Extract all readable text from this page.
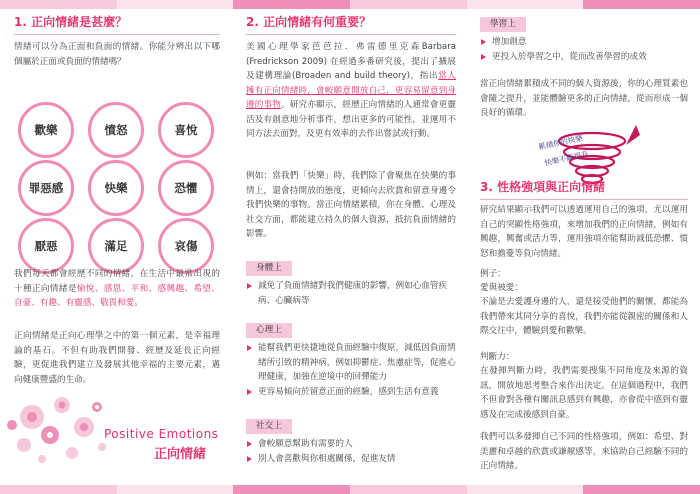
1. 正向情緒是甚麼？

情緒可以分為正面和負面的情緒。你能分辨出以下哪個屬於正面或負面的情緒嗎？

歡樂	憤怒	喜悅
罪惡感	快樂	恐懼
厭惡	滿足	哀傷

我們每天都會經歷不同的情緒，在生活中最常出現的十種正向情緒是愉悅、感恩、平和、感興趣、希望、自豪、有趣、有靈感、敬畏和愛。

正向情緒是正向心理學之中的第一個元素，是幸福理論的基石。不但有助我們開發、經歷及延長正向經驗，更促進我們建立及發展其他幸福的主要元素，邁向健康豐盛的生命。

Positive Emotions
正向情緒
2. 正向情緒有何重要？

美國心理學家芭芭拉．弗雷德里克森Barbara (Fredrickson 2009) 在經過多番研究後，提出了擴展及建構理論(Broaden and build theory)，指出當人擁有正向情緒時，會較願意開放自己，更容易留意到身邊的事物。研究亦顯示，經歷正向情緒的人通常會更靈活及有創意地分析事件，想出更多的可能性，並運用不同方法去面對，及更有效率的去作出嘗試或行動。

例如：當我們「快樂」時，我們除了會聚焦在快樂的事情上，還會持開放的態度，更傾向去欣賞和留意身邊令我們快樂的事物。當正向情緒累積，你在身體、心理及社交方面，都能建立持久的個人資源，抵抗負面情緒的影響。

身體上
減免了負面情緒對我們健康的影響，例如心血管疾病、心臟病等
心理上
能幫我們更快捷地從負面經驗中復原，減低因負面情緒所引致的精神病，例如抑鬱症、焦慮症等，促進心理健康，加強在逆境中的回彈能力
更容易傾向於留意正面的經驗，感到生活有意義
社交上
會較願意幫助有需要的人
別人會喜歡與你相處關係，促進友情
學習上
增加創意
更投入於學習之中，從而改善學習的成效

當正向情緒累積成不同的個人資源後，你的心理質素也會隨之提升，並能體驗更多的正向情緒，從而形成一個良好的循環。

累積你的快樂
快樂不斷提升
3. 性格強項與正向情緒

研究結果顯示我們可以透過運用自己的強項，尤以運用自己的突顯性格強項，來增加我們的正向情緒，例如有興趣，興奮或活力等，運用強項亦能幫助減低恐懼、憤怒和擔憂等負向情緒。

例子：

愛與被愛：

不論是去愛護身邊的人，還是接受他們的關懷，都能為我們帶來其同分享的喜悅，我們亦能從親密的關係和人際交往中，體驗到愛和歡樂。

判斷力：

在發揮判斷力時，我們需要搜集不同角度及來源的資訊，開放地思考整合來作出決定。在這個過程中，我們不但會對各種有關訊息感到有興趣，亦會從中感到有靈感及在完成後感到自豪。

我們可以多發揮自己不同的性格強項，例如：希望、對美麗和卓越的欣賞或謙厭感等，來協助自己經驗不同的正向情緒。
